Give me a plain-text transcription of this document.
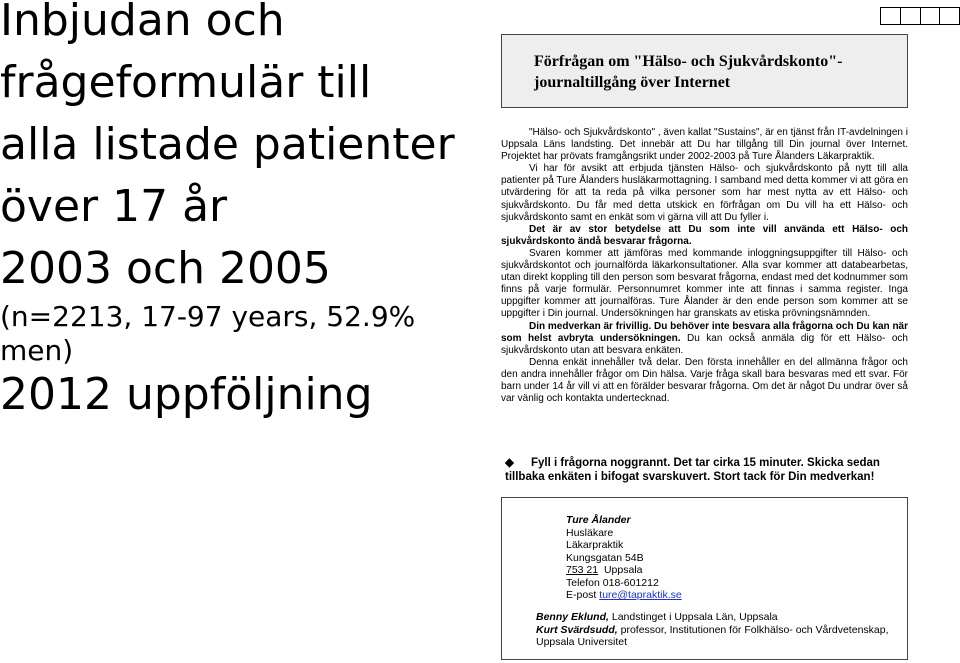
Inbjudan och
frågeformulär till
alla listade patienter
över 17 år
2003 och 2005
(n=2213, 17-97 years, 52.9% men)
2012 uppföljning
Förfrågan om "Hälso- och Sjukvårdskonto"-
journaltillgång över Internet

"Hälso- och Sjukvårdskonto" , även kallat "Sustains", är en tjänst från IT-avdelningen i Uppsala Läns landsting. Det innebär att Du har tillgång till Din journal över Internet. Projektet har prövats framgångsrikt under 2002-2003 på Ture Ålanders Läkarpraktik.

Vi har för avsikt att erbjuda tjänsten Hälso- och sjukvårdskonto på nytt till alla patienter på Ture Ålanders husläkarmottagning. I samband med detta kommer vi att göra en utvärdering för att ta reda på vilka personer som har mest nytta av ett Hälso- och sjukvårdskonto. Du får med detta utskick en förfrågan om Du vill ha ett Hälso- och sjukvårdskonto samt en enkät som vi gärna vill att Du fyller i.

Det är av stor betydelse att Du som inte vill använda ett Hälso- och sjukvårdskonto ändå besvarar frågorna.

Svaren kommer att jämföras med kommande inloggningsuppgifter till Hälso- och sjukvårdskontot och journalförda läkarkonsultationer. Alla svar kommer att databearbetas, utan direkt koppling till den person som besvarat frågorna, endast med det kodnummer som finns på varje formulär. Personnumret kommer inte att finnas i samma register. Inga uppgifter kommer att journalföras. Ture Ålander är den ende person som kommer att se uppgifter i Din journal. Undersökningen har granskats av etiska prövningsnämnden.

Din medverkan är frivillig. Du behöver inte besvara alla frågorna och Du kan när som helst avbryta undersökningen. Du kan också anmäla dig för ett Hälso- och sjukvårdskonto utan att besvara enkäten.

Denna enkät innehåller två delar. Den första innehåller en del allmänna frågor och den andra innehåller frågor om Din hälsa. Varje fråga skall bara besvaras med ett svar. För barn under 14 år vill vi att en förälder besvarar frågorna. Om det är något Du undrar över så var vänlig och kontakta undertecknad.

◆ Fyll i frågorna noggrannt. Det tar cirka 15 minuter. Skicka sedan tillbaka enkäten i bifogat svarskuvert. Stort tack för Din medverkan!
Ture Ålander
Husläkare
Läkarpraktik
Kungsgatan 54B
753 21 Uppsala
Telefon 018-601212
E-post ture@tapraktik.se
Benny Eklund, Landstinget i Uppsala Län, Uppsala
Kurt Svärdsudd, professor, Institutionen för Folkhälso- och Vårdvetenskap, Uppsala Universitet
